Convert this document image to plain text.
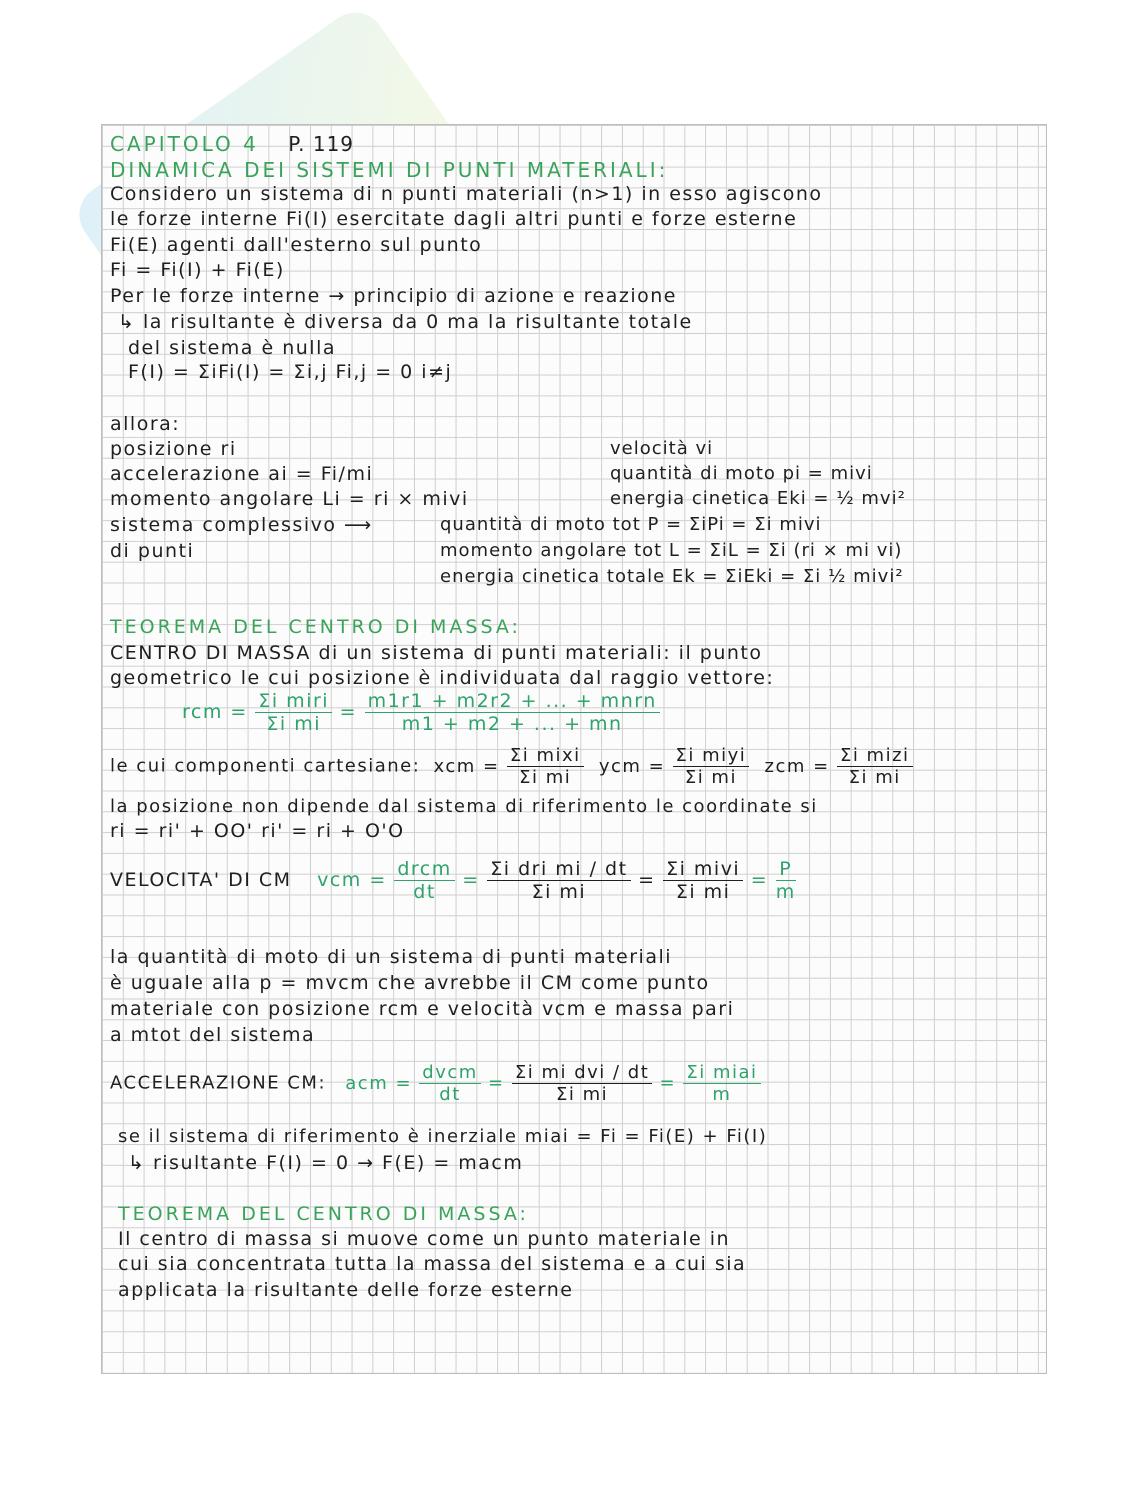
CAPITOLO 4 P. 119
DINAMICA DEI SISTEMI DI PUNTI MATERIALI:
Considero un sistema di n punti materiali (n>1) in esso agiscono
le forze interne Fi(I) esercitate dagli altri punti e forze esterne
Fi(E) agenti dall'esterno sul punto
Fi = Fi(I) + Fi(E)
Per le forze interne → principio di azione e reazione
↳ la risultante è diversa da 0 ma la risultante totale
del sistema è nulla
F(I) = ΣiFi(I) = Σi,j Fi,j = 0 i≠j
allora:
posizione ri
accelerazione ai = Fi/mi
momento angolare Li = ri × mivi
sistema complessivo ⟶
di punti
velocità vi
quantità di moto pi = mivi
energia cinetica Eki = ½ mvi²
quantità di moto tot P = ΣiPi = Σi mivi
momento angolare tot L = ΣiL = Σi (ri × mi vi)
energia cinetica totale Ek = ΣiEki = Σi ½ mivi²
TEOREMA DEL CENTRO DI MASSA:
CENTRO DI MASSA di un sistema di punti materiali: il punto
geometrico le cui posizione è individuata dal raggio vettore:
rcm = $\frac{\text{Σi miri}}{\text{Σi mi}} = \frac{\text{m1r1 + m2r2 + ... + mnrn}}{m1 + m2 + ... + mn}$
le cui componenti cartesiane: xcm = $\frac{\text{Σi mixi}}{\text{Σi mi}}$ ycm = $\frac{\text{Σi miyi}}{\text{Σi mi}}$ zcm = $\frac{\text{Σi mizi}}{\text{Σi mi}}$
la posizione non dipende dal sistema di riferimento le coordinate si
ri = ri' + OO' ri' = ri + O'O
VELOCITA' DI CM vcm = $\frac{\text{drcm}}{dt} = \frac{\text{Σi dri mi / dt}}{\text{Σi mi}} = \frac{\text{Σi mivi}}{\text{Σi mi}} = \frac{P}{m}$
la quantità di moto di un sistema di punti materiali
è uguale alla p = mvcm che avrebbe il CM come punto
materiale con posizione rcm e velocità vcm e massa pari
a mtot del sistema
ACCELERAZIONE CM: acm = $\frac{\text{dvcm}}{dt} = \frac{\text{Σi mi dvi / dt}}{\text{Σi mi}} = \frac{\text{Σi miai}}{m}$
se il sistema di riferimento è inerziale miai = Fi = Fi(E) + Fi(I)
↳ risultante F(I) = 0 → F(E) = macm
TEOREMA DEL CENTRO DI MASSA:
Il centro di massa si muove come un punto materiale in
cui sia concentrata tutta la massa del sistema e a cui sia
applicata la risultante delle forze esterne
